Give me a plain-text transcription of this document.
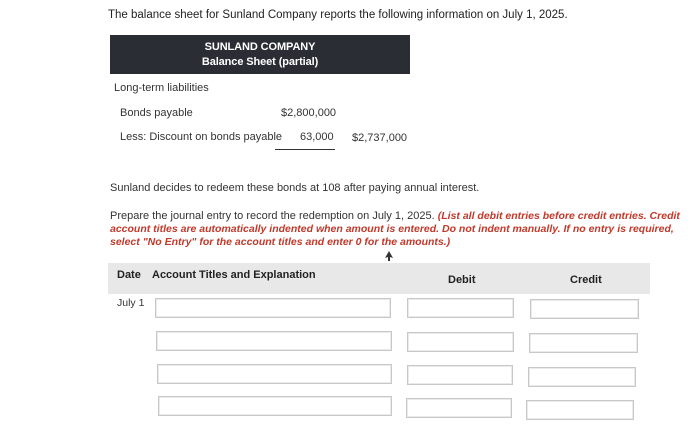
The balance sheet for Sunland Company reports the following information on July 1, 2025.
SUNLAND COMPANY
Balance Sheet (partial)
Long-term liabilities
Bonds payable	$2,800,000
Less: Discount on bonds payable 63,000 $2,737,000
Sunland decides to redeem these bonds at 108 after paying annual interest.
Prepare the journal entry to record the redemption on July 1, 2025. (List all debit entries before credit entries. Credit account titles are automatically indented when amount is entered. Do not indent manually. If no entry is required, select "No Entry" for the account titles and enter 0 for the amounts.)
Date Account Titles and Explanation	Debit	Credit
July 1
